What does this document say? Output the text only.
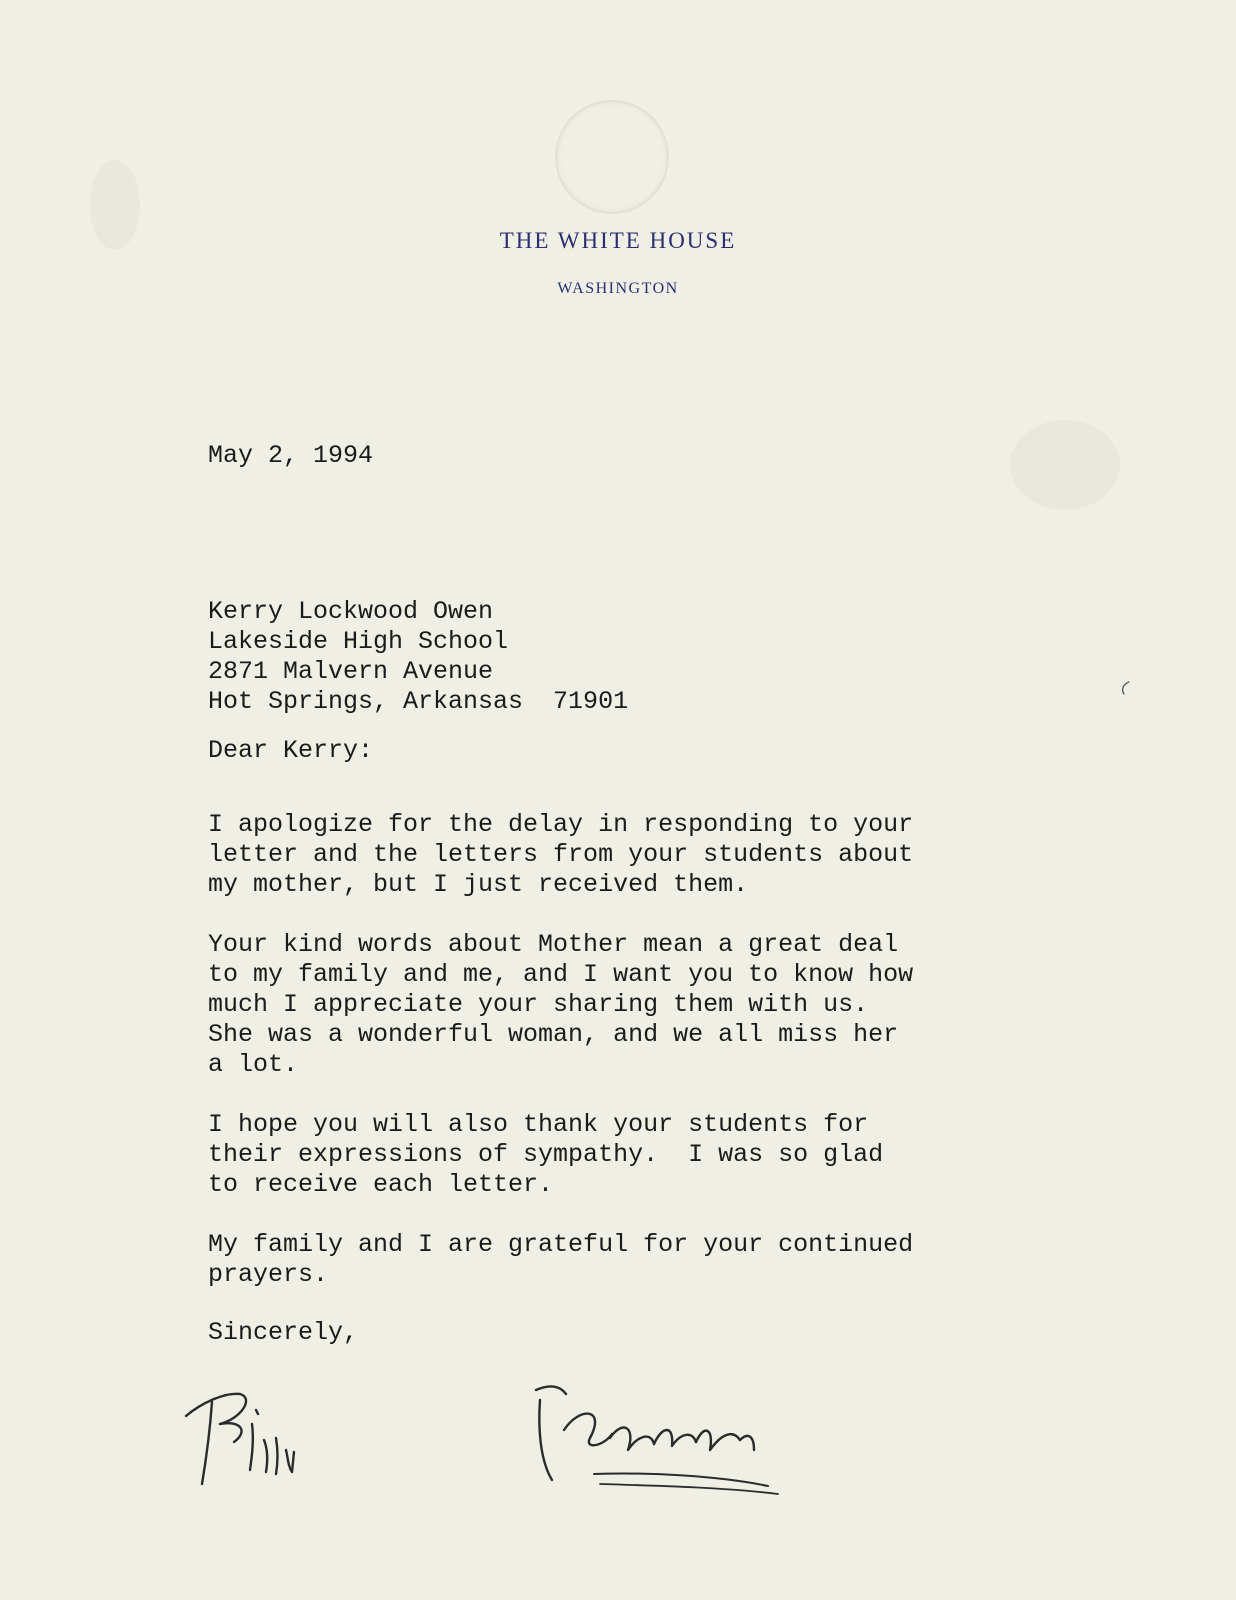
THE WHITE HOUSE
WASHINGTON

May 2, 1994

Kerry Lockwood Owen
Lakeside High School
2871 Malvern Avenue
Hot Springs, Arkansas  71901

Dear Kerry:

I apologize for the delay in responding to your
letter and the letters from your students about
my mother, but I just received them.

Your kind words about Mother mean a great deal
to my family and me, and I want you to know how
much I appreciate your sharing them with us.
She was a wonderful woman, and we all miss her
a lot.

I hope you will also thank your students for
their expressions of sympathy.  I was so glad
to receive each letter.

My family and I are grateful for your continued
prayers.

Sincerely,
